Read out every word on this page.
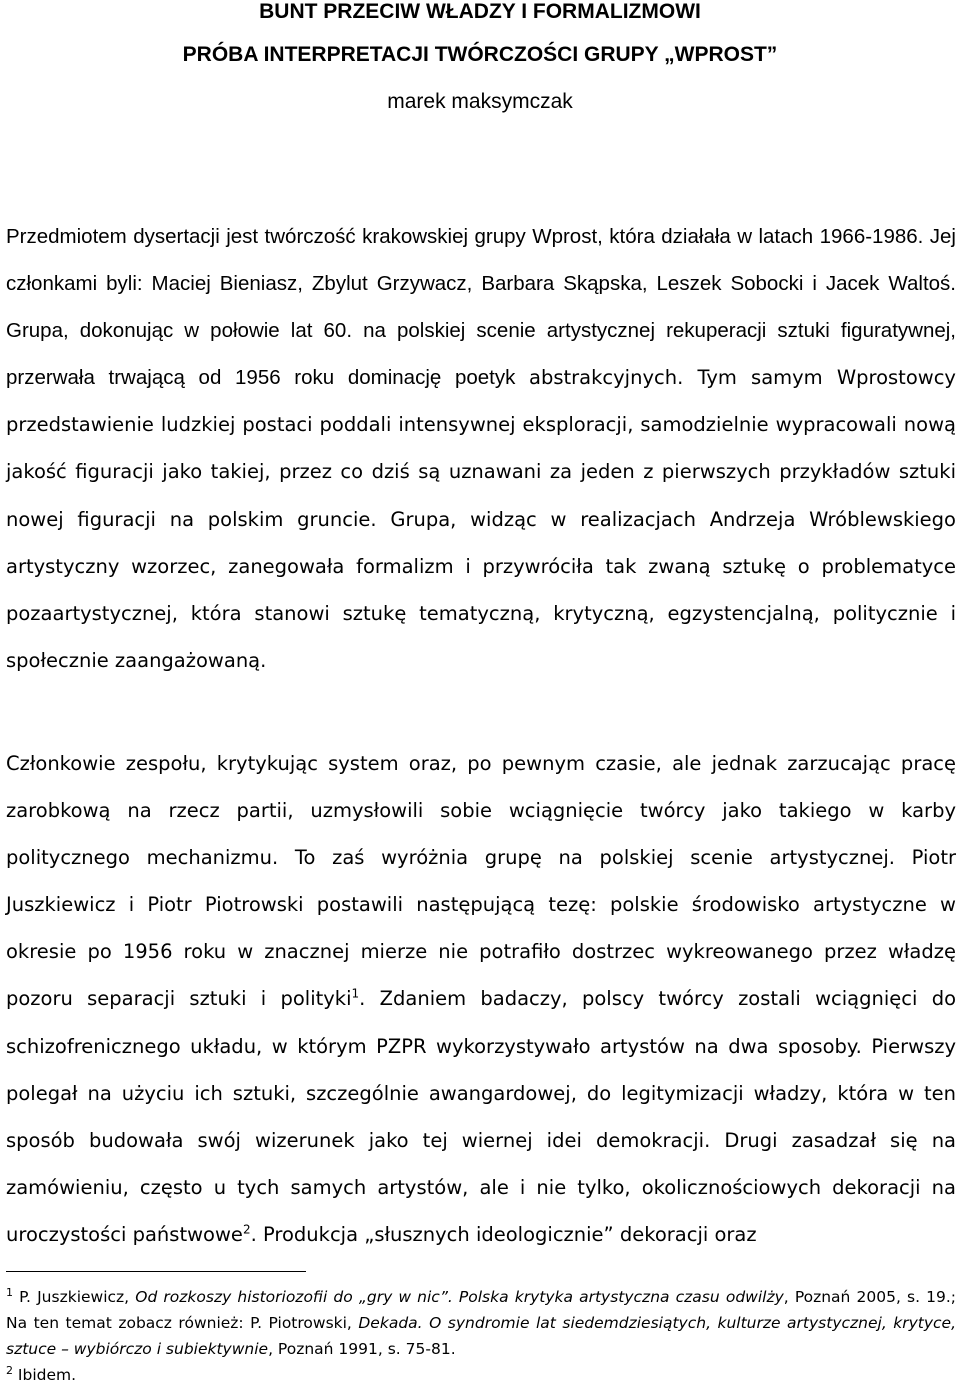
BUNT PRZECIW WŁADZY I FORMALIZMOWI
PRÓBA INTERPRETACJI TWÓRCZOŚCI GRUPY „WPROST”
marek maksymczak

Przedmiotem dysertacji jest twórczość krakowskiej grupy Wprost, która działała w latach 1966-1986. Jej członkami byli: Maciej Bieniasz, Zbylut Grzywacz, Barbara Skąpska, Leszek Sobocki i Jacek Waltoś. Grupa, dokonując w połowie lat 60. na polskiej scenie artystycznej rekuperacji sztuki figuratywnej, przerwała trwającą od 1956 roku dominację poetyk abstrakcyjnych. Tym samym Wprostowcy przedstawienie ludzkiej postaci poddali intensywnej eksploracji, samodzielnie wypracowali nową jakość figuracji jako takiej, przez co dziś są uznawani za jeden z pierwszych przykładów sztuki nowej figuracji na polskim gruncie. Grupa, widząc w realizacjach Andrzeja Wróblewskiego artystyczny wzorzec, zanegowała formalizm i przywróciła tak zwaną sztukę o problematyce pozaartystycznej, która stanowi sztukę tematyczną, krytyczną, egzystencjalną, politycznie i społecznie zaangażowaną.

Członkowie zespołu, krytykując system oraz, po pewnym czasie, ale jednak zarzucając pracę zarobkową na rzecz partii, uzmysłowili sobie wciągnięcie twórcy jako takiego w karby politycznego mechanizmu. To zaś wyróżnia grupę na polskiej scenie artystycznej. Piotr Juszkiewicz i Piotr Piotrowski postawili następującą tezę: polskie środowisko artystyczne w okresie po 1956 roku w znacznej mierze nie potrafiło dostrzec wykreowanego przez władzę pozoru separacji sztuki i polityki$^1$. Zdaniem badaczy, polscy twórcy zostali wciągnięci do schizofrenicznego układu, w którym PZPR wykorzystywało artystów na dwa sposoby. Pierwszy polegał na użyciu ich sztuki, szczególnie awangardowej, do legitymizacji władzy, która w ten sposób budowała swój wizerunek jako tej wiernej idei demokracji. Drugi zasadzał się na zamówieniu, często u tych samych artystów, ale i nie tylko, okolicznościowych dekoracji na uroczystości państwowe$^2$. Produkcja „słusznych ideologicznie” dekoracji oraz

$^1$ P. Juszkiewicz, Od rozkoszy historiozofii do „gry w nic”. Polska krytyka artystyczna czasu odwilży, Poznań 2005, s. 19.; Na ten temat zobacz również: P. Piotrowski, Dekada. O syndromie lat siedemdziesiątych, kulturze artystycznej, krytyce, sztuce – wybiórczo i subiektywnie, Poznań 1991, s. 75-81.

$^2$ Ibidem.
